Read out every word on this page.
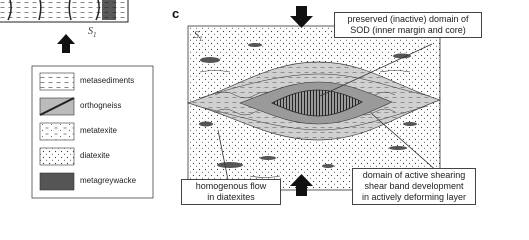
c
$S_1$	$S_1$
metasediments
orthogneiss
metatexite
diatexite
metagreywacke
preserved (inactive) domain of
SOD (inner margin and core)
homogenous flow
in diatexites
domain of active shearing
shear band development
in actively deforming layer
